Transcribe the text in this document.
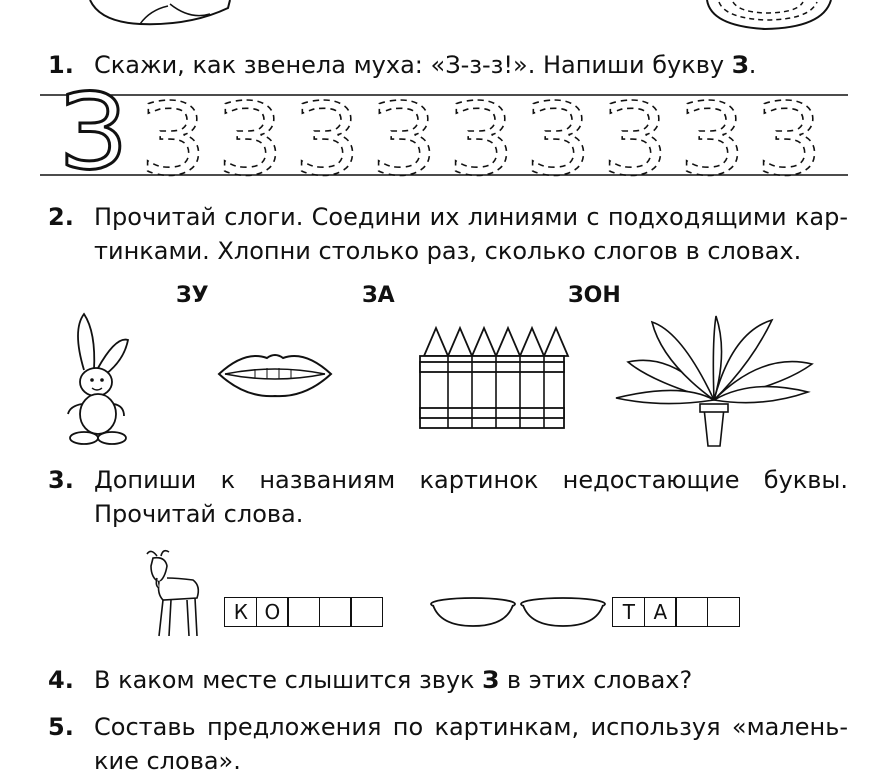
1. Скажи, как звенела муха: «З-з-з!». Напиши букву З.
З З З З З З З З З З
2. Прочитай слоги. Соедини их линиями с подходящими кар-
тинками. Хлопни столько раз, сколько слогов в словах.
ЗУ	ЗА	ЗОН
3. Допиши к названиям картинок недостающие буквы.
Прочитай слова.
К О	Т А
4. В каком месте слышится звук З в этих словах?
5. Составь предложения по картинкам, используя «малень-
кие слова».
